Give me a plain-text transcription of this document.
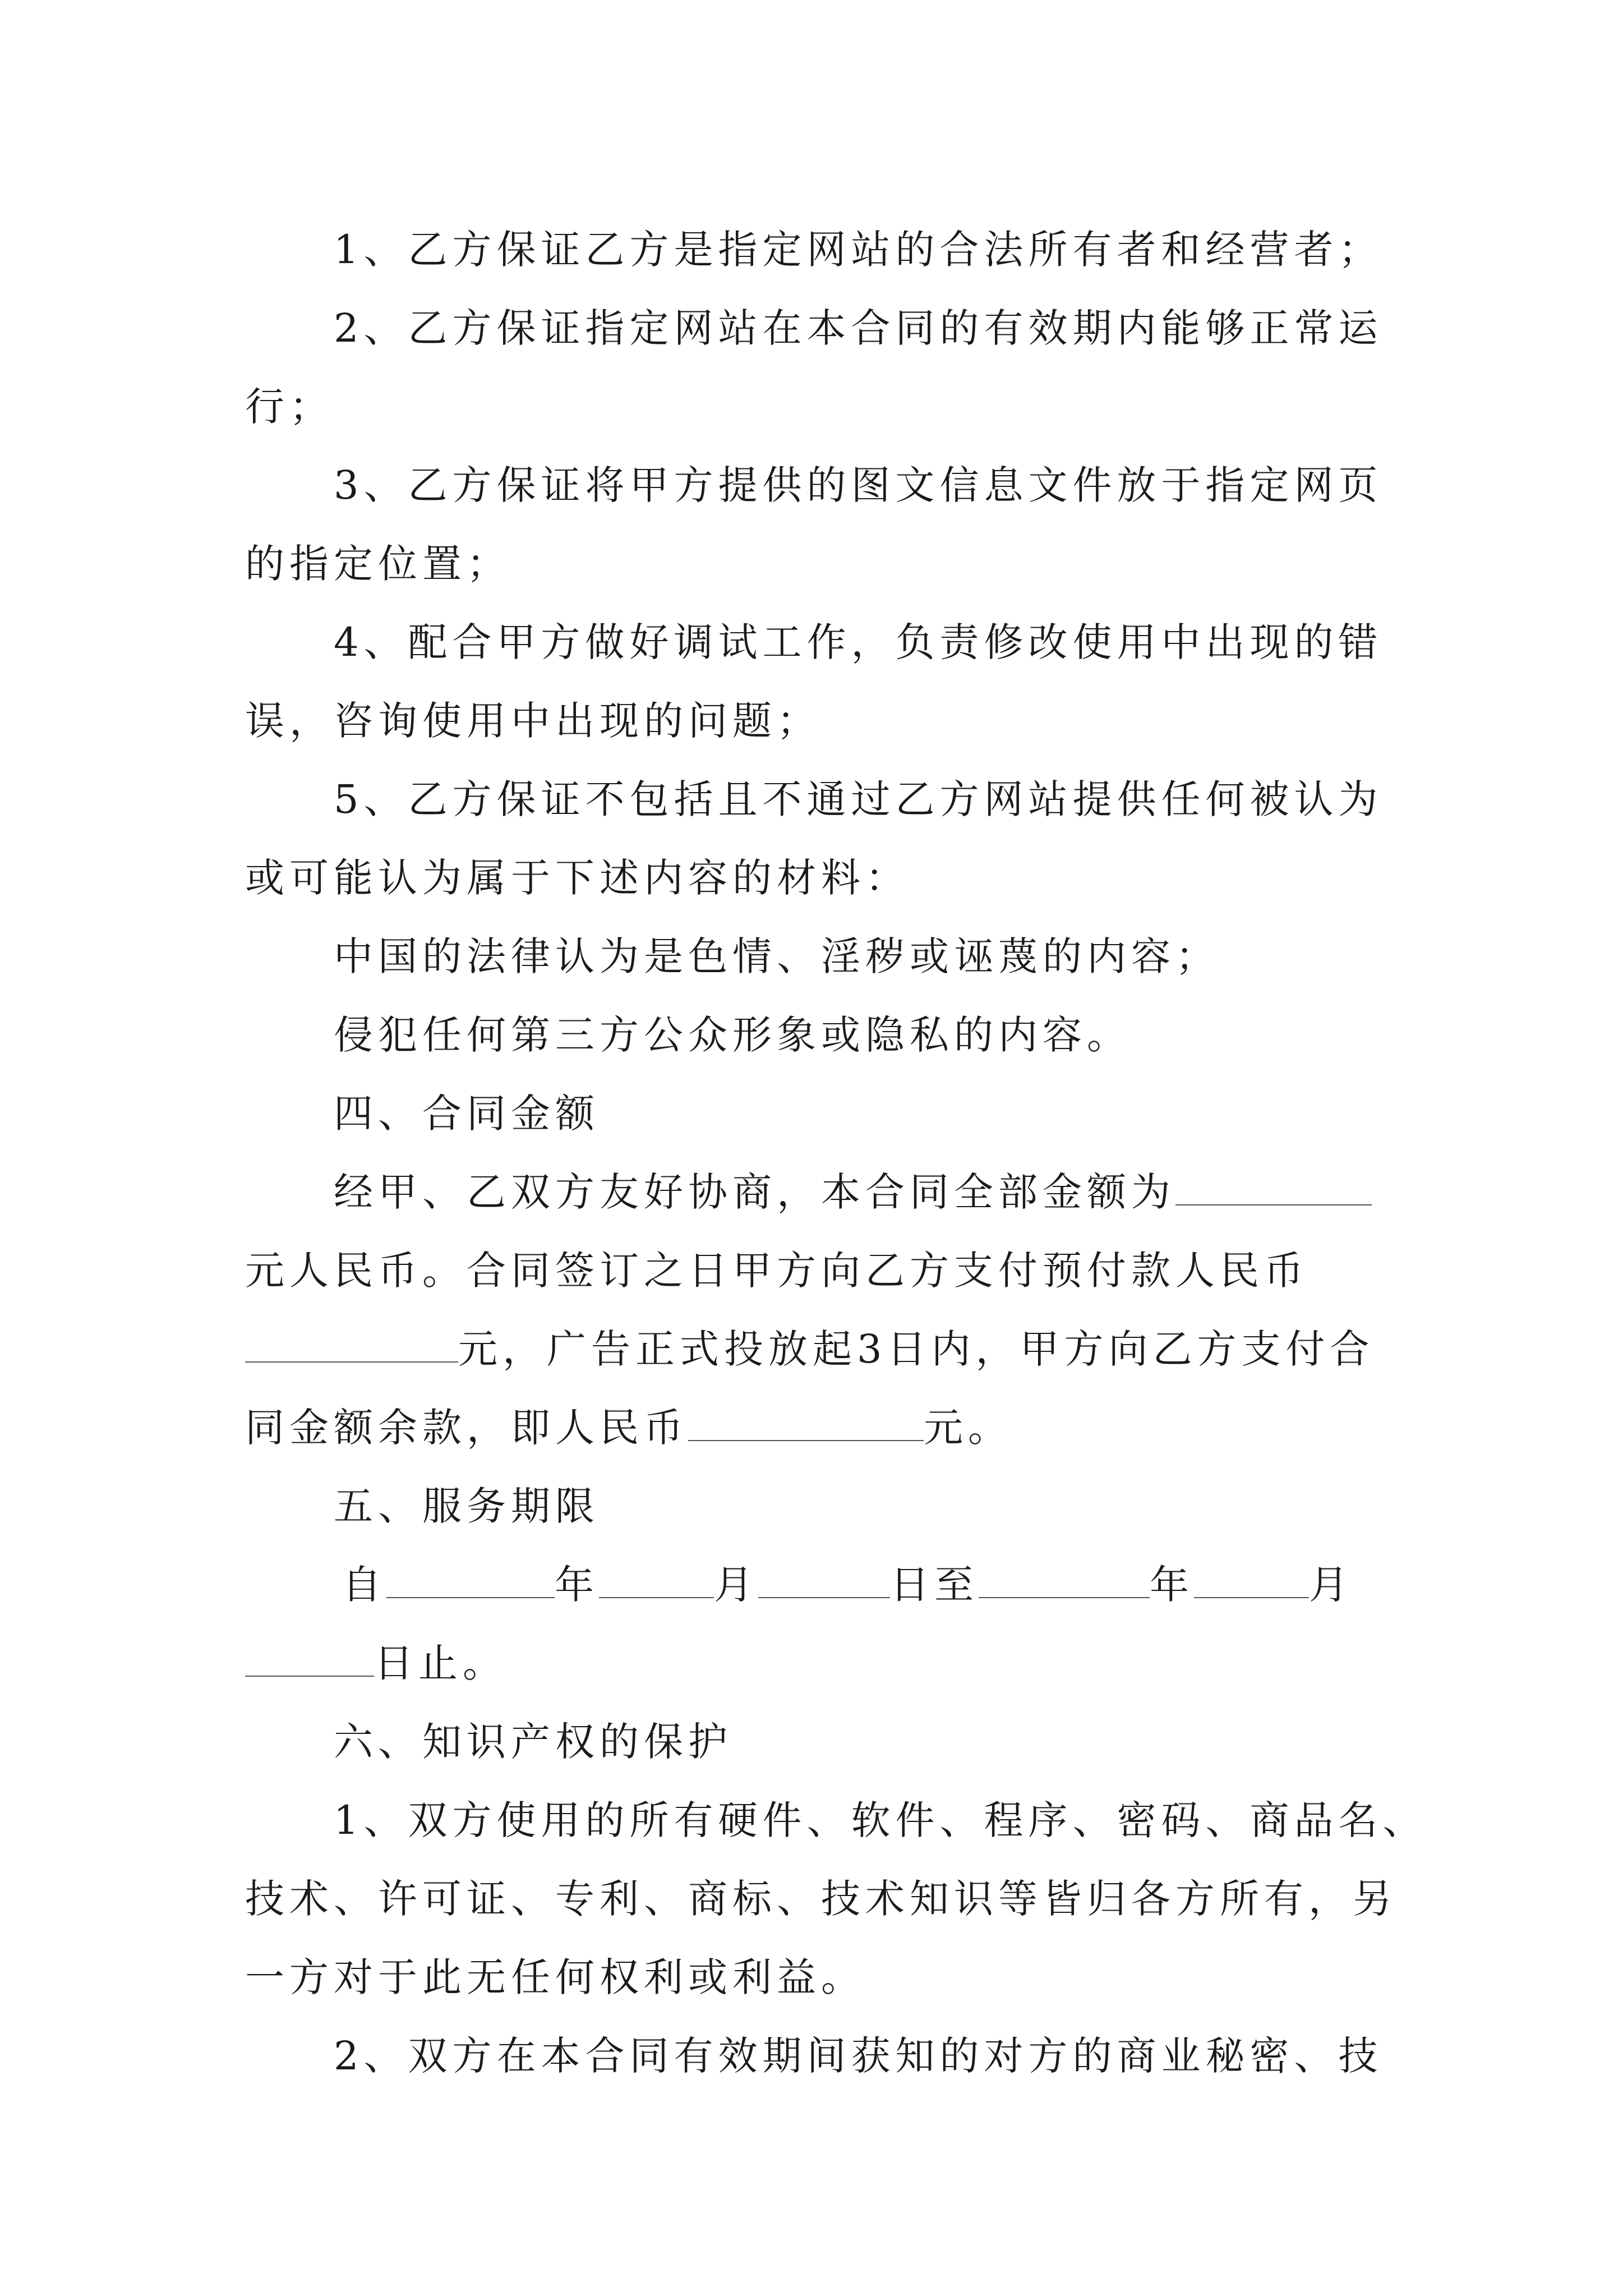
1、乙方保证乙方是指定网站的合法所有者和经营者；
2、乙方保证指定网站在本合同的有效期内能够正常运
行；
3、乙方保证将甲方提供的图文信息文件放于指定网页
的指定位置；
4、配合甲方做好调试工作，负责修改使用中出现的错
误，咨询使用中出现的问题；
5、乙方保证不包括且不通过乙方网站提供任何被认为
或可能认为属于下述内容的材料：
中国的法律认为是色情、淫秽或诬蔑的内容；
侵犯任何第三方公众形象或隐私的内容。
四、合同金额
经甲、乙双方友好协商，本合同全部金额为
元人民币。合同签订之日甲方向乙方支付预付款人民币
元，广告正式投放起3日内，甲方向乙方支付合
同金额余款，即人民币	元。
五、服务期限
自	年	月	日至	年	月
日止。
六、知识产权的保护
1、双方使用的所有硬件、软件、程序、密码、商品名、
技术、许可证、专利、商标、技术知识等皆归各方所有，另
一方对于此无任何权利或利益。
2、双方在本合同有效期间获知的对方的商业秘密、技
